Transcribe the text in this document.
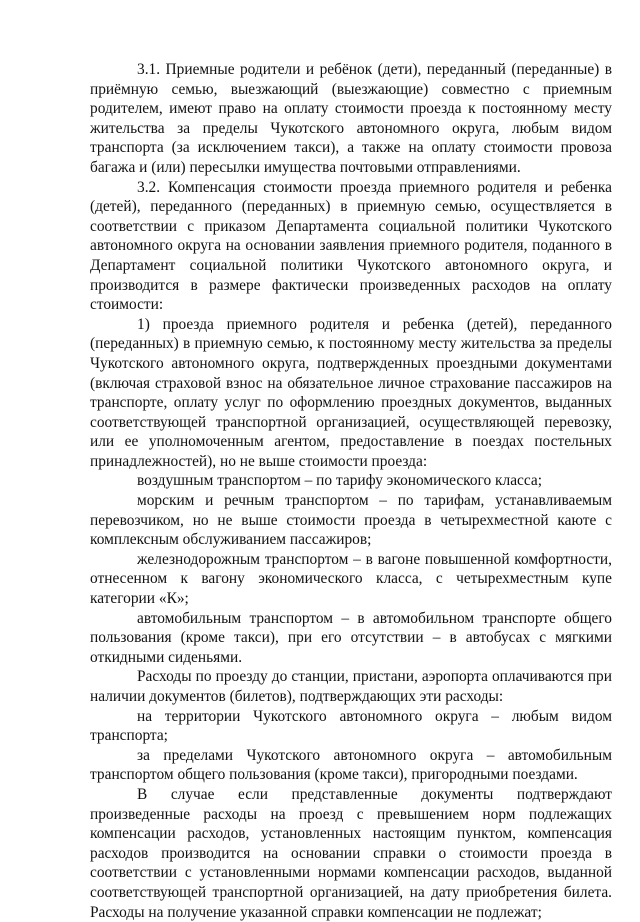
3.1. Приемные родители и ребёнок (дети), переданный (переданные) в приёмную семью, выезжающий (выезжающие) совместно с приемным родителем, имеют право на оплату стоимости проезда к постоянному месту жительства за пределы Чукотского автономного округа, любым видом транспорта (за исключением такси), а также на оплату стоимости провоза багажа и (или) пересылки имущества почтовыми отправлениями.

3.2. Компенсация стоимости проезда приемного родителя и ребенка (детей), переданного (переданных) в приемную семью, осуществляется в соответствии с приказом Департамента социальной политики Чукотского автономного округа на основании заявления приемного родителя, поданного в Департамент социальной политики Чукотского автономного округа, и производится в размере фактически произведенных расходов на оплату стоимости:

1) проезда приемного родителя и ребенка (детей), переданного (переданных) в приемную семью, к постоянному месту жительства за пределы Чукотского автономного округа, подтвержденных проездными документами (включая страховой взнос на обязательное личное страхование пассажиров на транспорте, оплату услуг по оформлению проездных документов, выданных соответствующей транспортной организацией, осуществляющей перевозку, или ее уполномоченным агентом, предоставление в поездах постельных принадлежностей), но не выше стоимости проезда:

воздушным транспортом – по тарифу экономического класса;

морским и речным транспортом – по тарифам, устанавливаемым перевозчиком, но не выше стоимости проезда в четырехместной каюте с комплексным обслуживанием пассажиров;

железнодорожным транспортом – в вагоне повышенной комфортности, отнесенном к вагону экономического класса, с четырехместным купе категории «К»;

автомобильным транспортом – в автомобильном транспорте общего пользования (кроме такси), при его отсутствии – в автобусах с мягкими откидными сиденьями.

Расходы по проезду до станции, пристани, аэропорта оплачиваются при наличии документов (билетов), подтверждающих эти расходы:

на территории Чукотского автономного округа – любым видом транспорта;

за пределами Чукотского автономного округа – автомобильным транспортом общего пользования (кроме такси), пригородными поездами.

В случае если представленные документы подтверждают произведенные расходы на проезд с превышением норм подлежащих компенсации расходов, установленных настоящим пунктом, компенсация расходов производится на основании справки о стоимости проезда в соответствии с установленными нормами компенсации расходов, выданной соответствующей транспортной организацией, на дату приобретения билета. Расходы на получение указанной справки компенсации не подлежат;
